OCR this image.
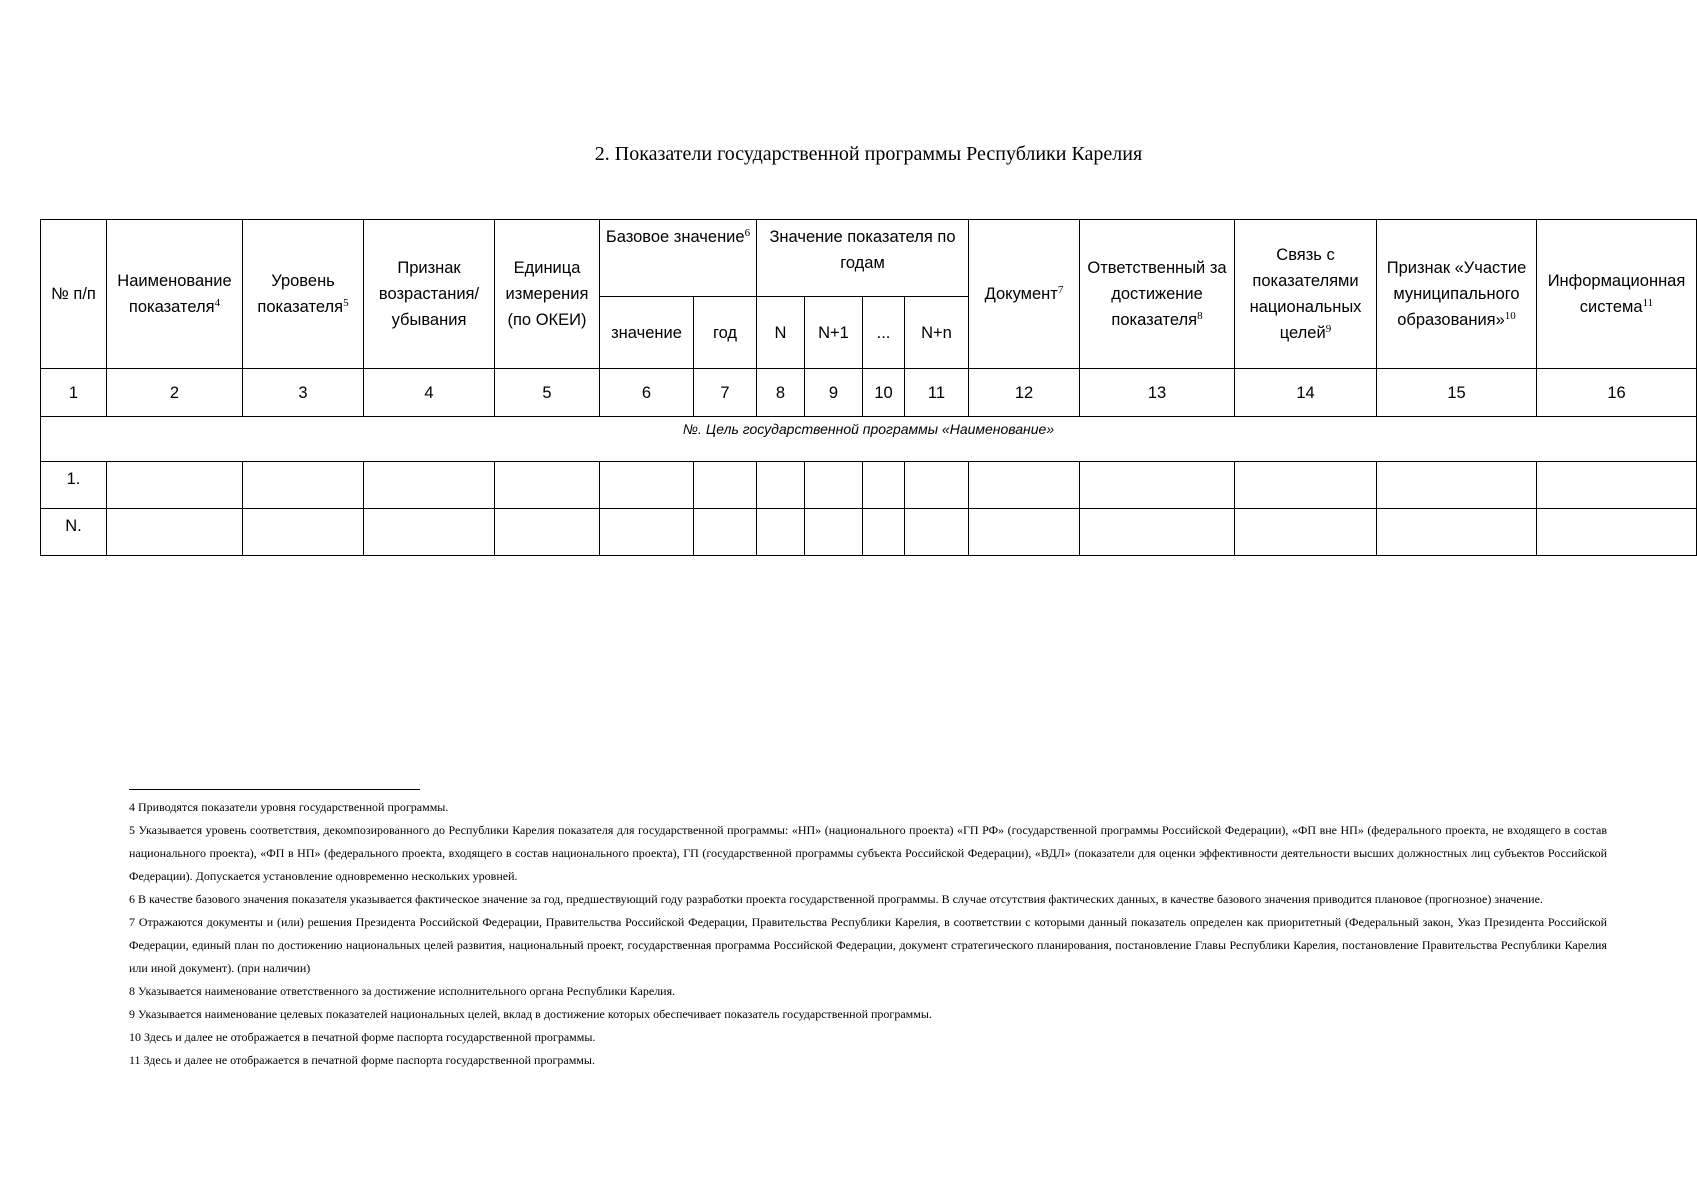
2. Показатели государственной программы Республики Карелия
№ п/п	Наименование показателя$^4$	Уровень показателя$^5$	Признак возрастания/ убывания	Единица измерения (по ОКЕИ)	Базовое значение$^6$		Значение показателя по годам				Документ$^7$	Ответственный за достижение показателя$^8$	Связь с показателями национальных целей$^9$	Признак «Участие муниципального образования»$^{10}$	Информационная система$^{11}$
					значение	год	N	N+1	...	N+n					
1	2	3	4	5	6	7	8	9	10	11	12	13	14	15	16
№. Цель государственной программы «Наименование»															
1.															
N.															

4 Приводятся показатели уровня государственной программы.

5 Указывается уровень соответствия, декомпозированного до Республики Карелия показателя для государственной программы: «НП» (национального проекта) «ГП РФ» (государственной программы Российской Федерации), «ФП вне НП» (федерального проекта, не входящего в состав национального проекта), «ФП в НП» (федерального проекта, входящего в состав национального проекта), ГП (государственной программы субъекта Российской Федерации), «ВДЛ» (показатели для оценки эффективности деятельности высших должностных лиц субъектов Российской Федерации). Допускается установление одновременно нескольких уровней.

6 В качестве базового значения показателя указывается фактическое значение за год, предшествующий году разработки проекта государственной программы. В случае отсутствия фактических данных, в качестве базового значения приводится плановое (прогнозное) значение.

7 Отражаются документы и (или) решения Президента Российской Федерации, Правительства Российской Федерации, Правительства Республики Карелия, в соответствии с которыми данный показатель определен как приоритетный (Федеральный закон, Указ Президента Российской Федерации, единый план по достижению национальных целей развития, национальный проект, государственная программа Российской Федерации, документ стратегического планирования, постановление Главы Республики Карелия, постановление Правительства Республики Карелия или иной документ). (при наличии)

8 Указывается наименование ответственного за достижение исполнительного органа Республики Карелия.

9 Указывается наименование целевых показателей национальных целей, вклад в достижение которых обеспечивает показатель государственной программы.

10 Здесь и далее не отображается в печатной форме паспорта государственной программы.

11 Здесь и далее не отображается в печатной форме паспорта государственной программы.
